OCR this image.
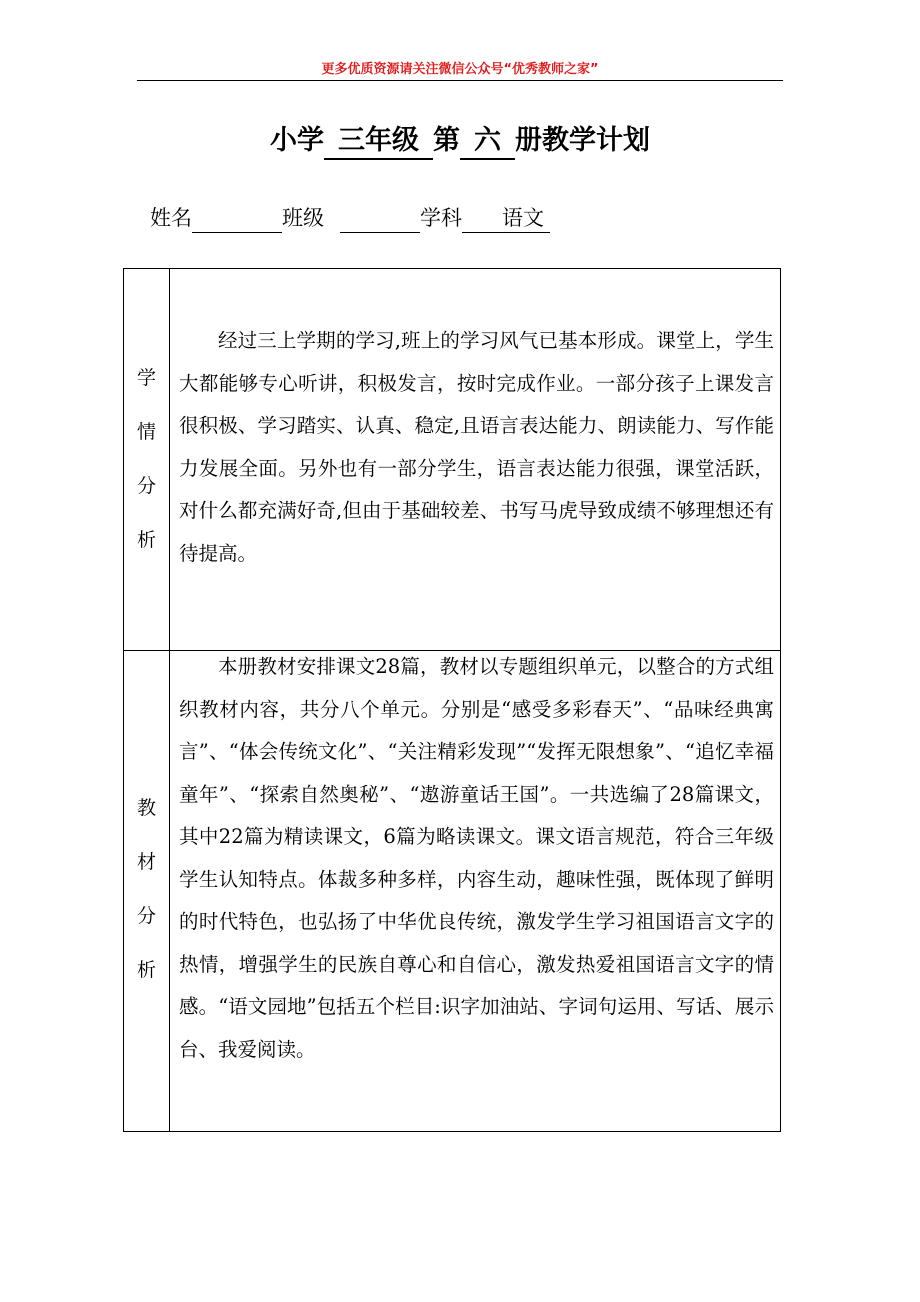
更多优质资源请关注微信公众号“优秀教师之家”
小学 三年级 第 六 册教学计划
姓名	班级	学科 语文
学
情
分
析
经过三上学期的学习,班上的学习风气已基本形成。课堂上，学生大都能够专心听讲，积极发言，按时完成作业。一部分孩子上课发言很积极、学习踏实、认真、稳定,且语言表达能力、朗读能力、写作能力发展全面。另外也有一部分学生，语言表达能力很强，课堂活跃，对什么都充满好奇,但由于基础较差、书写马虎导致成绩不够理想还有待提高。
教
材
分
析
本册教材安排课文28篇，教材以专题组织单元，以整合的方式组织教材内容，共分八个单元。分别是“感受多彩春天”、“品味经典寓言”、“体会传统文化”、“关注精彩发现”“发挥无限想象”、“追忆幸福童年”、“探索自然奥秘”、“遨游童话王国”。一共选编了28篇课文，其中22篇为精读课文，6篇为略读课文。课文语言规范，符合三年级学生认知特点。体裁多种多样，内容生动，趣味性强，既体现了鲜明的时代特色，也弘扬了中华优良传统，激发学生学习祖国语言文字的热情，增强学生的民族自尊心和自信心，激发热爱祖国语言文字的情感。“语文园地”包括五个栏目:识字加油站、字词句运用、写话、展示台、我爱阅读。
